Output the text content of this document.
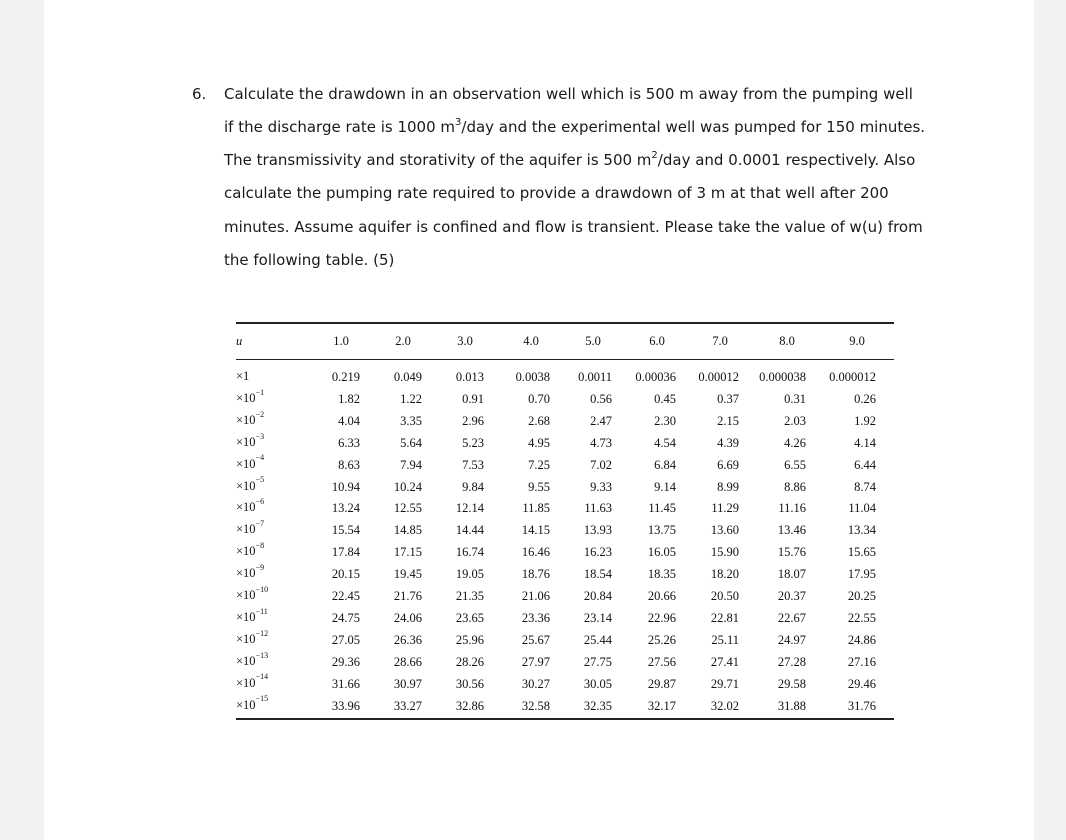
6. Calculate the drawdown in an observation well which is 500 m away from the pumping well
if the discharge rate is 1000 $m^3$/day and the experimental well was pumped for 150 minutes.
The transmissivity and storativity of the aquifer is 500 $m^2$/day and 0.0001 respectively. Also
calculate the pumping rate required to provide a drawdown of 3 m at that well after 200
minutes. Assume aquifer is confined and flow is transient. Please take the value of w(u) from
the following table. (5)
u	1.0	2.0	3.0	4.0	5.0	6.0	7.0	8.0	9.0
×1	0.219	0.049	0.013	0.0038	0.0011	0.00036	0.00012	0.000038	0.000012
$\times 10^{-1}$	1.82	1.22	0.91	0.70	0.56	0.45	0.37	0.31	0.26
$\times 10^{-2}$	4.04	3.35	2.96	2.68	2.47	2.30	2.15	2.03	1.92
$\times 10^{-3}$	6.33	5.64	5.23	4.95	4.73	4.54	4.39	4.26	4.14
$\times 10^{-4}$	8.63	7.94	7.53	7.25	7.02	6.84	6.69	6.55	6.44
$\times 10^{-5}$	10.94	10.24	9.84	9.55	9.33	9.14	8.99	8.86	8.74
$\times 10^{-6}$	13.24	12.55	12.14	11.85	11.63	11.45	11.29	11.16	11.04
$\times 10^{-7}$	15.54	14.85	14.44	14.15	13.93	13.75	13.60	13.46	13.34
$\times 10^{-8}$	17.84	17.15	16.74	16.46	16.23	16.05	15.90	15.76	15.65
$\times 10^{-9}$	20.15	19.45	19.05	18.76	18.54	18.35	18.20	18.07	17.95
$\times 10^{-10}$	22.45	21.76	21.35	21.06	20.84	20.66	20.50	20.37	20.25
$\times 10^{-11}$	24.75	24.06	23.65	23.36	23.14	22.96	22.81	22.67	22.55
$\times 10^{-12}$	27.05	26.36	25.96	25.67	25.44	25.26	25.11	24.97	24.86
$\times 10^{-13}$	29.36	28.66	28.26	27.97	27.75	27.56	27.41	27.28	27.16
$\times 10^{-14}$	31.66	30.97	30.56	30.27	30.05	29.87	29.71	29.58	29.46
$\times 10^{-15}$	33.96	33.27	32.86	32.58	32.35	32.17	32.02	31.88	31.76
